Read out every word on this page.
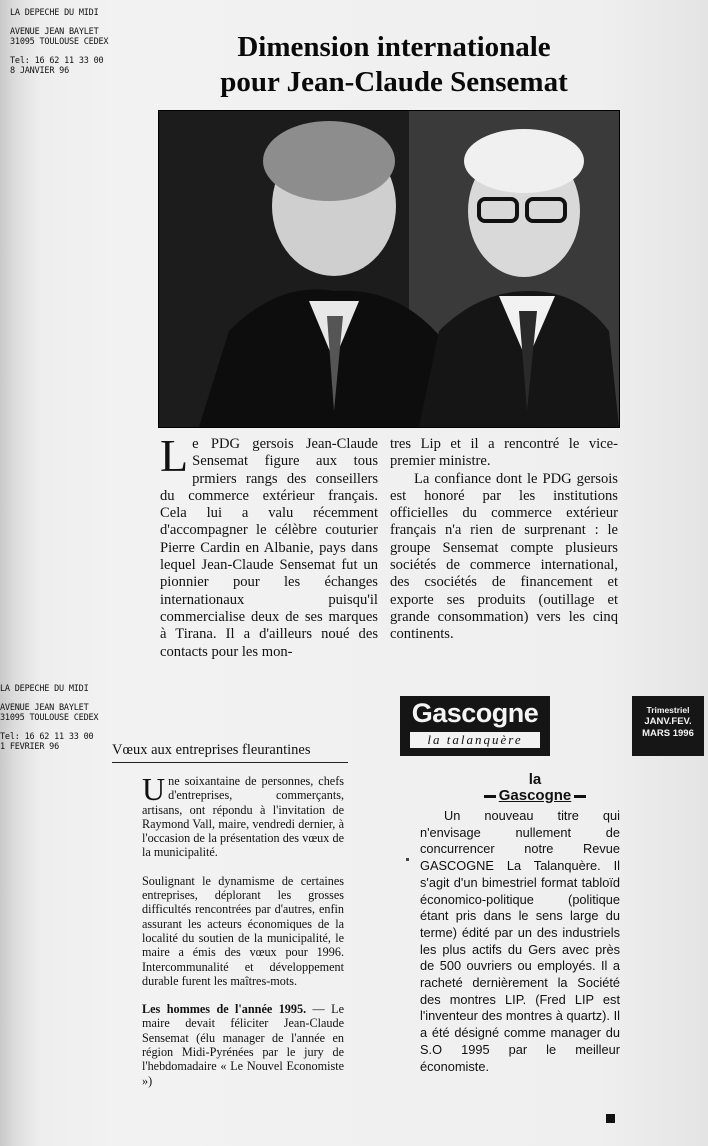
LA DEPECHE DU MIDI
AVENUE JEAN BAYLET
31095 TOULOUSE CEDEX
Tel: 16 62 11 33 00
8 JANVIER 96
Dimension internationale
pour Jean-Claude Sensemat

Le PDG gersois Jean-Claude Sensemat figure aux tous prmiers rangs des conseillers du commerce extérieur français. Cela lui a valu récemment d'accompagner le célèbre couturier Pierre Cardin en Albanie, pays dans lequel Jean-Claude Sensemat fut un pionnier pour les échanges internationaux puisqu'il commercialise deux de ses marques à Tirana. Il a d'ailleurs noué des contacts pour les mon-

tres Lip et il a rencontré le vice-premier ministre.

La confiance dont le PDG gersois est honoré par les institutions officielles du commerce extérieur français n'a rien de surprenant : le groupe Sensemat compte plusieurs sociétés de commerce international, des csociétés de financement et exporte ses produits (outillage et grande consommation) vers les cinq continents.

LA DEPECHE DU MIDI
AVENUE JEAN BAYLET
31095 TOULOUSE CEDEX
Tel: 16 62 11 33 00
1 FEVRIER 96
Gascogne
la talanquère
Trimestriel
JANV.FEV.
MARS 1996
Vœux aux entreprises fleurantines

Une soixantaine de personnes, chefs d'entreprises, commerçants, artisans, ont répondu à l'invitation de Raymond Vall, maire, vendredi dernier, à l'occasion de la présentation des vœux de la municipalité.

Soulignant le dynamisme de certaines entreprises, déplorant les grosses difficultés rencontrées par d'autres, enfin assurant les acteurs économiques de la localité du soutien de la municipalité, le maire a émis des vœux pour 1996. Intercommunalité et développement durable furent les maîtres-mots.

Les hommes de l'année 1995. — Le maire devait féliciter Jean-Claude Sensemat (élu manager de l'année en région Midi-Pyrénées par le jury de l'hebdomadaire « Le Nouvel Economiste »)

la
Gascogne

Un nouveau titre qui n'envisage nullement de concurrencer notre Revue GASCOGNE La Talanquère. Il s'agit d'un bimestriel format tabloïd économico-politique (politique étant pris dans le sens large du terme) édité par un des industriels les plus actifs du Gers avec près de 500 ouvriers ou employés. Il a racheté dernièrement la Société des montres LIP. (Fred LIP est l'inventeur des montres à quartz). Il a été désigné comme manager du S.O 1995 par le meilleur économiste.
